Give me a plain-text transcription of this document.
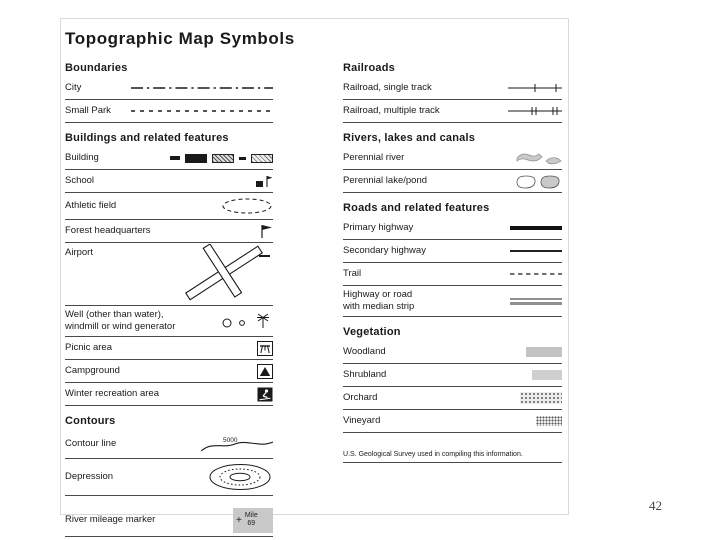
Topographic Map Symbols
Boundaries
City
Small Park
Buildings and related features
Building
School
Athletic field
Forest headquarters
Airport
Well (other than water),
windmill or wind generator
Picnic area
Campground
Winter recreation area
Contours
Contour line	5000
Depression
River mileage marker	+ Mile
69
Railroads
Railroad, single track
Railroad, multiple track
Rivers, lakes and canals
Perennial river
Perennial lake/pond
Roads and related features
Primary highway
Secondary highway
Trail
Highway or road
with median strip
Vegetation
Woodland
Shrubland
Orchard
Vineyard
U.S. Geological Survey used in compiling this information.
42
